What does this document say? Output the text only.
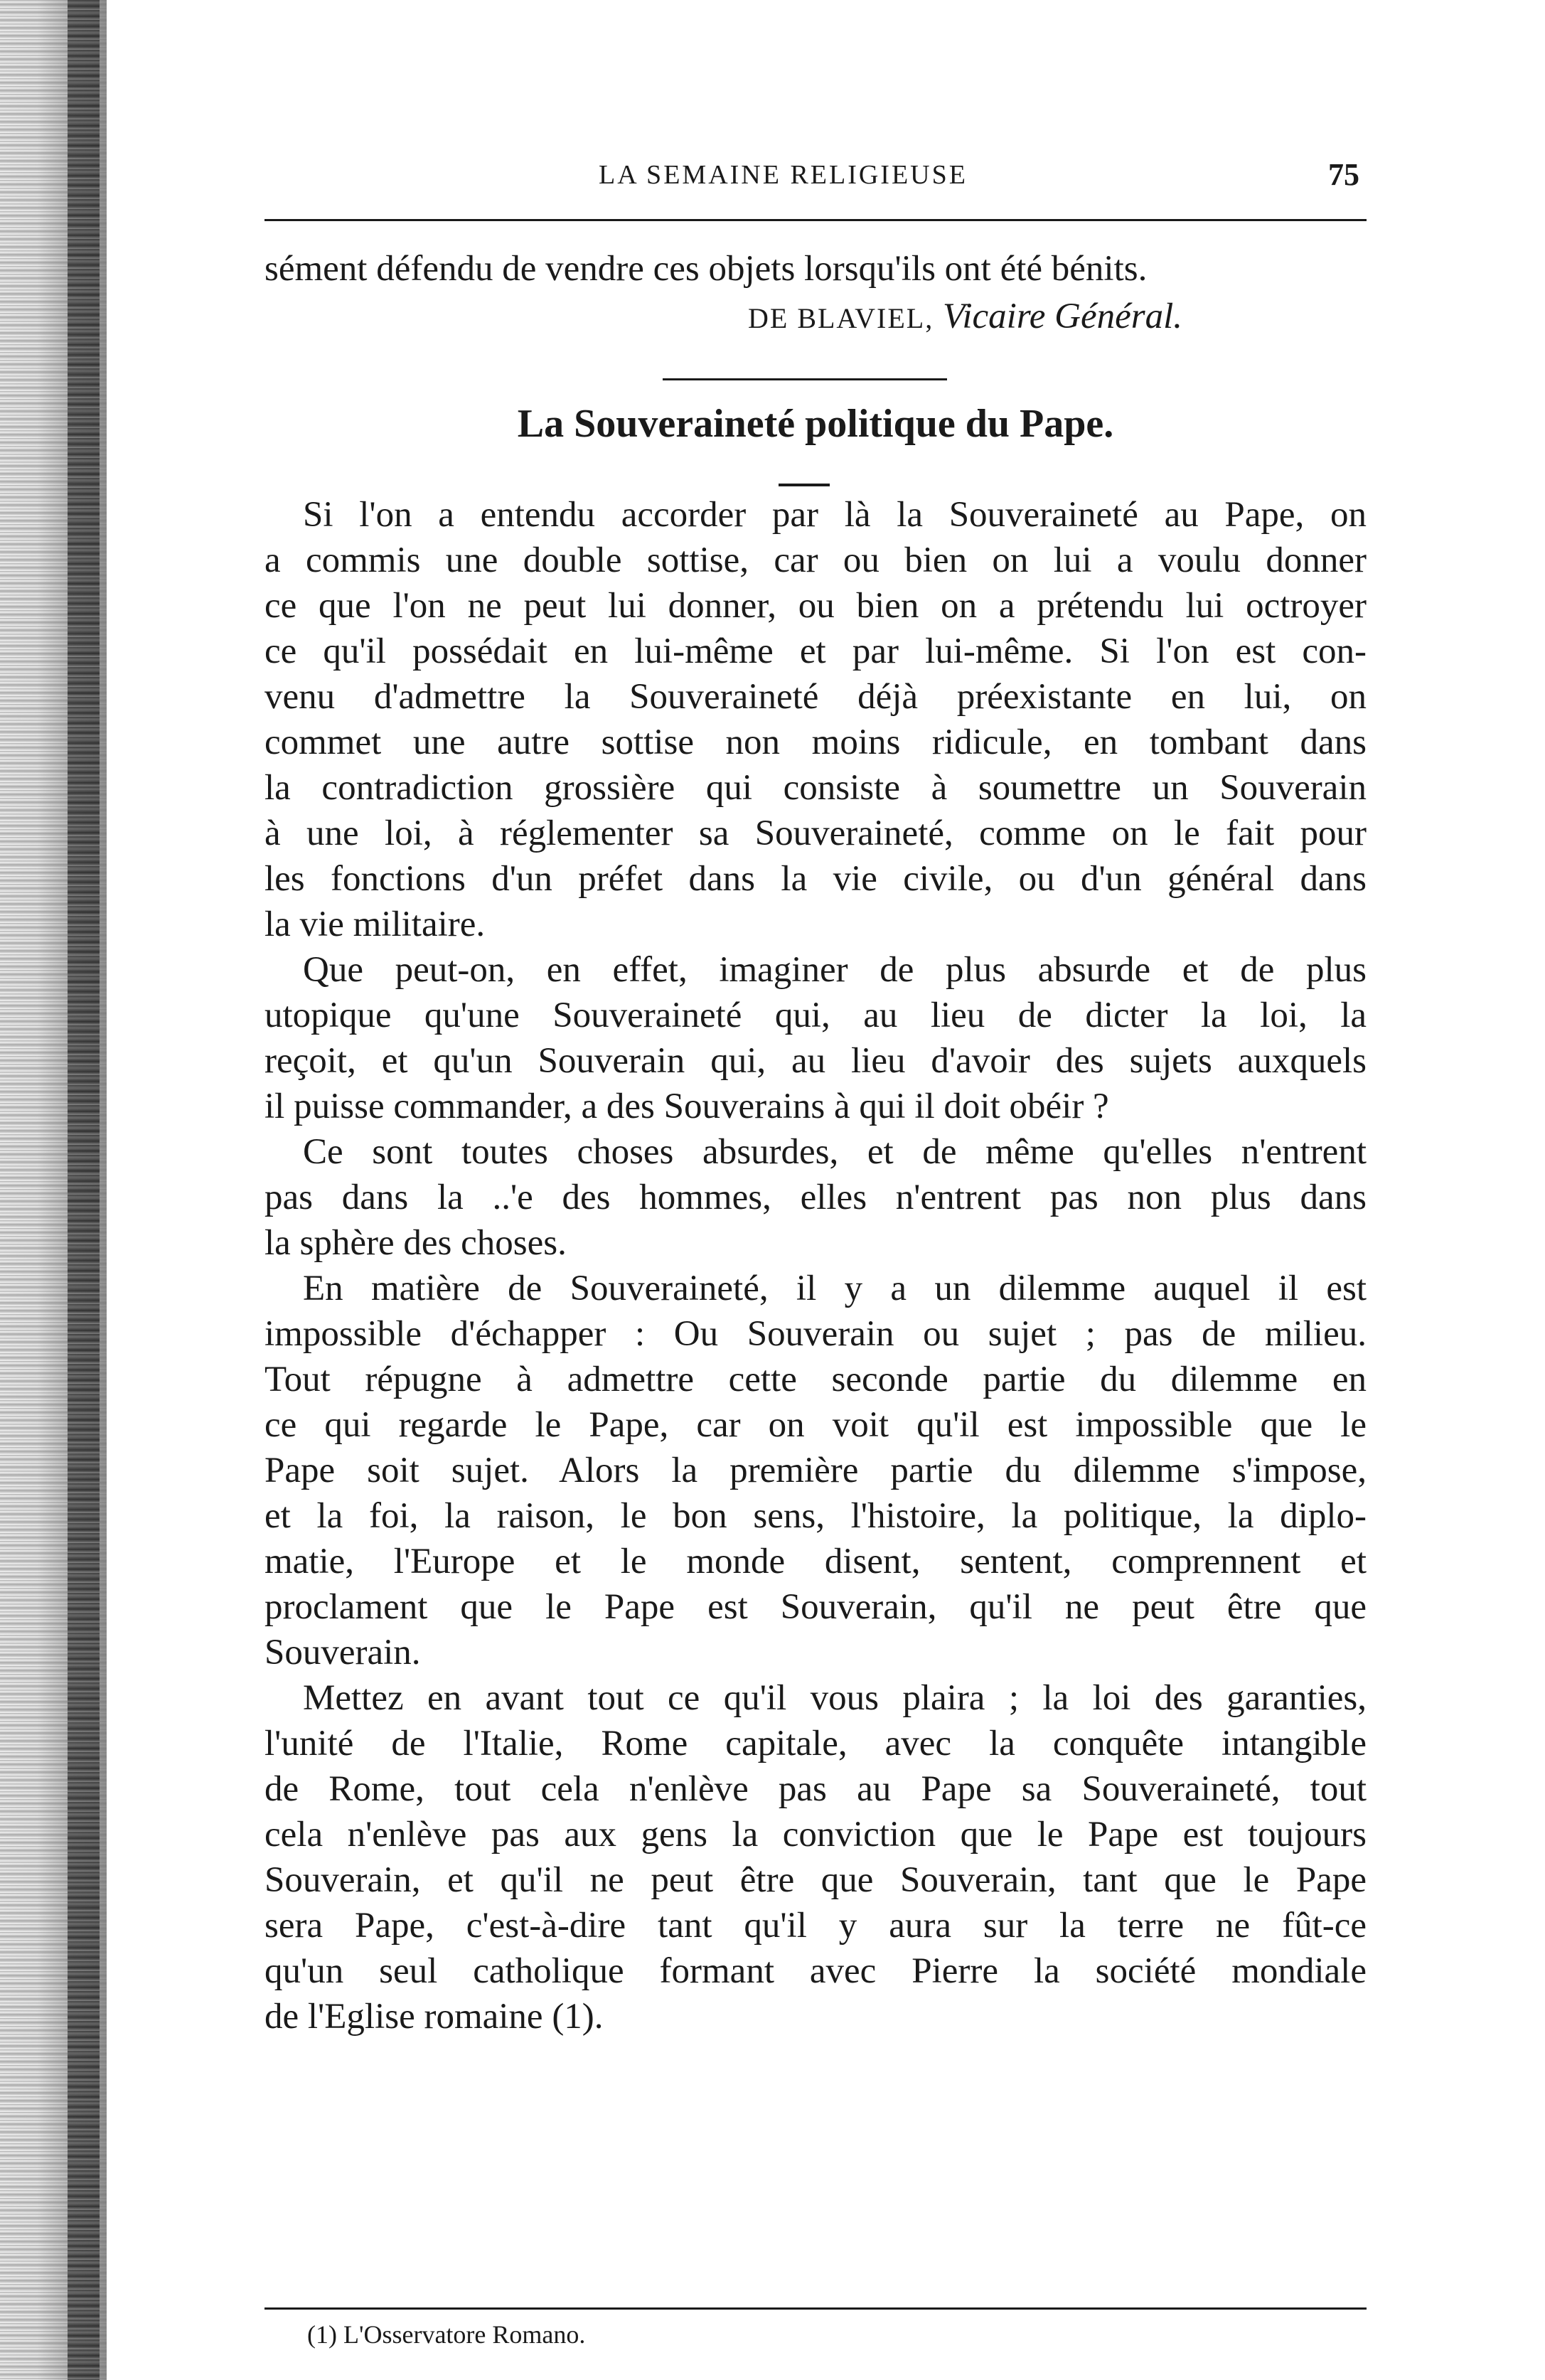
LA SEMAINE RELIGIEUSE	75
sément défendu de vendre ces objets lorsqu'ils ont été bénits.
DE BLAVIEL, Vicaire Général.
La Souveraineté politique du Pape.
Si l'on a entendu accorder par là la Souveraineté au Pape, on
a commis une double sottise, car ou bien on lui a voulu donner
ce que l'on ne peut lui donner, ou bien on a prétendu lui octroyer
ce qu'il possédait en lui-même et par lui-même. Si l'on est con-
venu d'admettre la Souveraineté déjà préexistante en lui, on
commet une autre sottise non moins ridicule, en tombant dans
la contradiction grossière qui consiste à soumettre un Souverain
à une loi, à réglementer sa Souveraineté, comme on le fait pour
les fonctions d'un préfet dans la vie civile, ou d'un général dans
la vie militaire.
Que peut-on, en effet, imaginer de plus absurde et de plus
utopique qu'une Souveraineté qui, au lieu de dicter la loi, la
reçoit, et qu'un Souverain qui, au lieu d'avoir des sujets auxquels
il puisse commander, a des Souverains à qui il doit obéir ?
Ce sont toutes choses absurdes, et de même qu'elles n'entrent
pas dans la ..'e des hommes, elles n'entrent pas non plus dans
la sphère des choses.
En matière de Souveraineté, il y a un dilemme auquel il est
impossible d'échapper : Ou Souverain ou sujet ; pas de milieu.
Tout répugne à admettre cette seconde partie du dilemme en
ce qui regarde le Pape, car on voit qu'il est impossible que le
Pape soit sujet. Alors la première partie du dilemme s'impose,
et la foi, la raison, le bon sens, l'histoire, la politique, la diplo-
matie, l'Europe et le monde disent, sentent, comprennent et
proclament que le Pape est Souverain, qu'il ne peut être que
Souverain.
Mettez en avant tout ce qu'il vous plaira ; la loi des garanties,
l'unité de l'Italie, Rome capitale, avec la conquête intangible
de Rome, tout cela n'enlève pas au Pape sa Souveraineté, tout
cela n'enlève pas aux gens la conviction que le Pape est toujours
Souverain, et qu'il ne peut être que Souverain, tant que le Pape
sera Pape, c'est-à-dire tant qu'il y aura sur la terre ne fût-ce
qu'un seul catholique formant avec Pierre la société mondiale
de l'Eglise romaine (1).
(1) L'Osservatore Romano.
